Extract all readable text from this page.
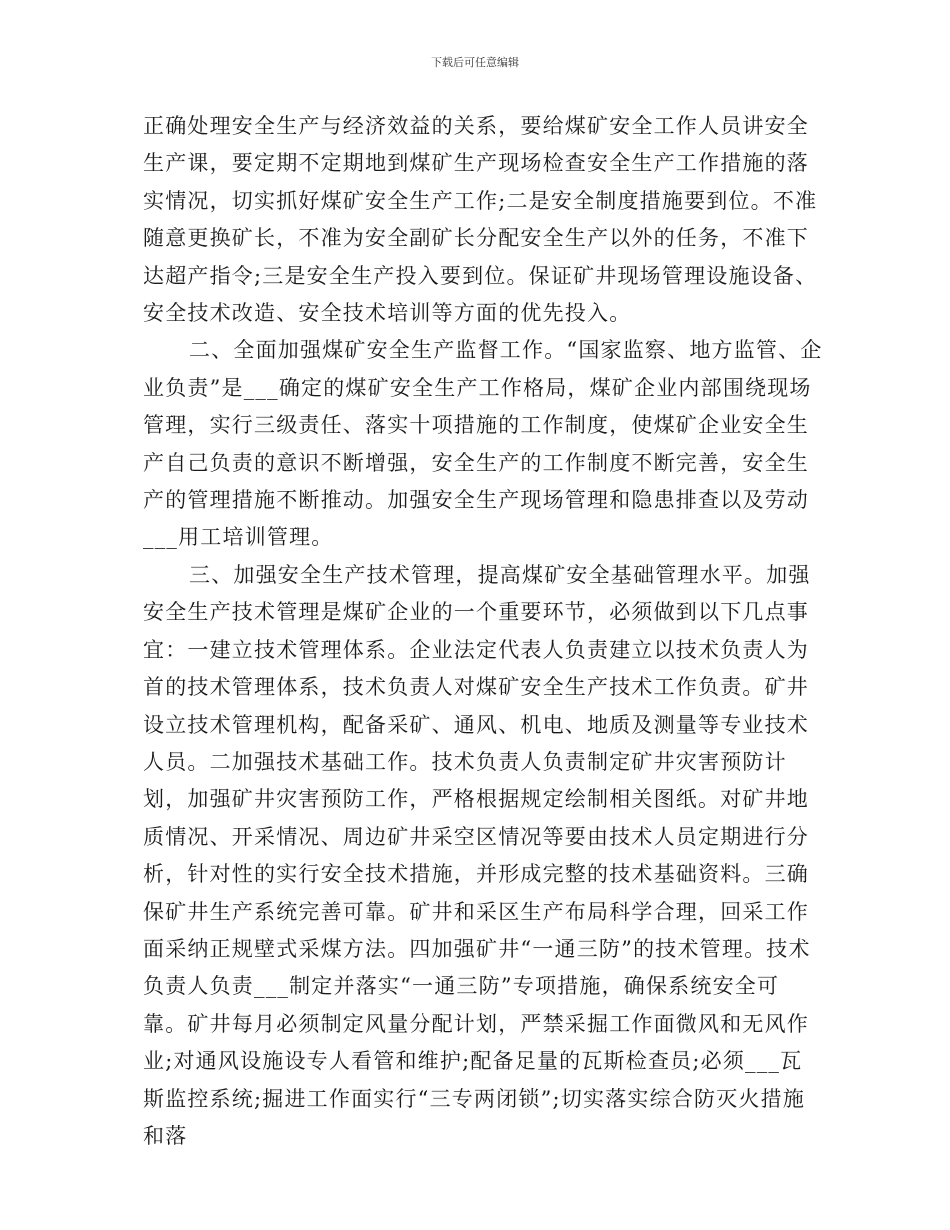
下载后可任意编辑

正确处理安全生产与经济效益的关系，要给煤矿安全工作人员讲安全生产课，要定期不定期地到煤矿生产现场检查安全生产工作措施的落实情况，切实抓好煤矿安全生产工作;二是安全制度措施要到位。不准随意更换矿长，不准为安全副矿长分配安全生产以外的任务，不准下达超产指令;三是安全生产投入要到位。保证矿井现场管理设施设备、安全技术改造、安全技术培训等方面的优先投入。

二、全面加强煤矿安全生产监督工作。“国家监察、地方监管、企业负责”是___确定的煤矿安全生产工作格局，煤矿企业内部围绕现场管理，实行三级责任、落实十项措施的工作制度，使煤矿企业安全生产自己负责的意识不断增强，安全生产的工作制度不断完善，安全生产的管理措施不断推动。加强安全生产现场管理和隐患排查以及劳动___用工培训管理。

三、加强安全生产技术管理，提高煤矿安全基础管理水平。加强安全生产技术管理是煤矿企业的一个重要环节，必须做到以下几点事宜：一建立技术管理体系。企业法定代表人负责建立以技术负责人为首的技术管理体系，技术负责人对煤矿安全生产技术工作负责。矿井设立技术管理机构，配备采矿、通风、机电、地质及测量等专业技术人员。二加强技术基础工作。技术负责人负责制定矿井灾害预防计划，加强矿井灾害预防工作，严格根据规定绘制相关图纸。对矿井地质情况、开采情况、周边矿井采空区情况等要由技术人员定期进行分析，针对性的实行安全技术措施，并形成完整的技术基础资料。三确保矿井生产系统完善可靠。矿井和采区生产布局科学合理，回采工作面采纳正规壁式采煤方法。四加强矿井“一通三防”的技术管理。技术负责人负责___制定并落实“一通三防”专项措施，确保系统安全可靠。矿井每月必须制定风量分配计划，严禁采掘工作面微风和无风作业;对通风设施设专人看管和维护;配备足量的瓦斯检查员;必须___瓦斯监控系统;掘进工作面实行“三专两闭锁”;切实落实综合防灭火措施和落
